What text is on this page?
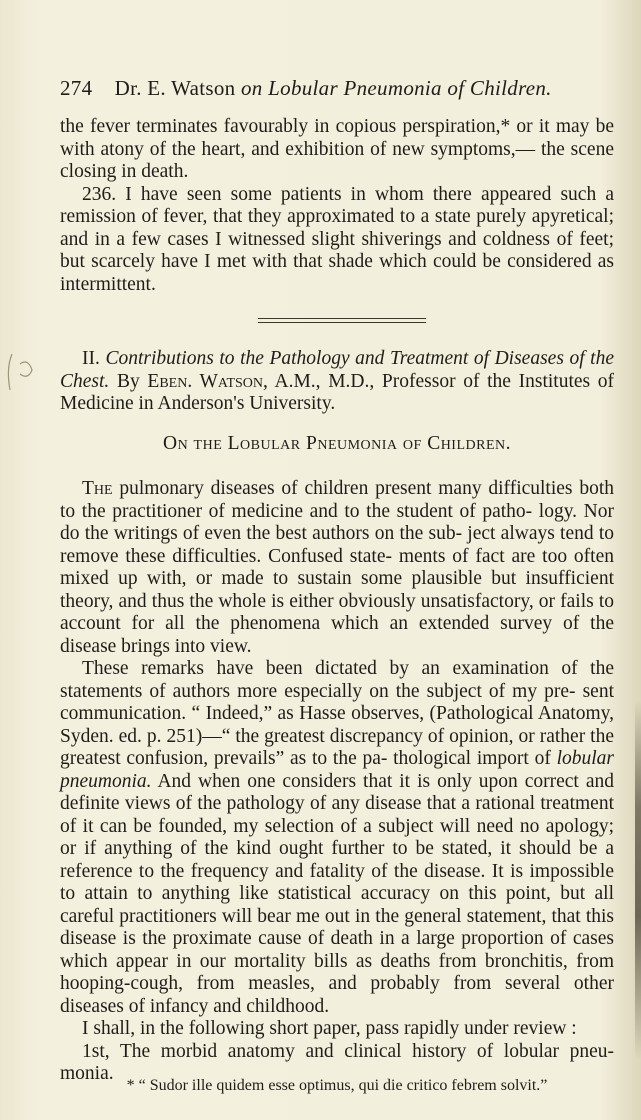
274 Dr. E. Watson on Lobular Pneumonia of Children.

the fever terminates favourably in copious perspiration,* or it may be with atony of the heart, and exhibition of new symptoms,— the scene closing in death.

236. I have seen some patients in whom there appeared such a remission of fever, that they approximated to a state purely apyretical; and in a few cases I witnessed slight shiverings and coldness of feet; but scarcely have I met with that shade which could be considered as intermittent.

II. Contributions to the Pathology and Treatment of Diseases of the Chest. By Eben. Watson, A.M., M.D., Professor of the Institutes of Medicine in Anderson's University.

On the Lobular Pneumonia of Children.

The pulmonary diseases of children present many difficulties both to the practitioner of medicine and to the student of patho- logy. Nor do the writings of even the best authors on the sub- ject always tend to remove these difficulties. Confused state- ments of fact are too often mixed up with, or made to sustain some plausible but insufficient theory, and thus the whole is either obviously unsatisfactory, or fails to account for all the phenomena which an extended survey of the disease brings into view.

These remarks have been dictated by an examination of the statements of authors more especially on the subject of my pre- sent communication. “ Indeed,” as Hasse observes, (Pathological Anatomy, Syden. ed. p. 251)—“ the greatest discrepancy of opinion, or rather the greatest confusion, prevails” as to the pa- thological import of lobular pneumonia. And when one considers that it is only upon correct and definite views of the pathology of any disease that a rational treatment of it can be founded, my selection of a subject will need no apology; or if anything of the kind ought further to be stated, it should be a reference to the frequency and fatality of the disease. It is impossible to attain to anything like statistical accuracy on this point, but all careful practitioners will bear me out in the general statement, that this disease is the proximate cause of death in a large proportion of cases which appear in our mortality bills as deaths from bronchitis, from hooping-cough, from measles, and probably from several other diseases of infancy and childhood.

I shall, in the following short paper, pass rapidly under review :

1st, The morbid anatomy and clinical history of lobular pneu- monia.

* “ Sudor ille quidem esse optimus, qui die critico febrem solvit.”
